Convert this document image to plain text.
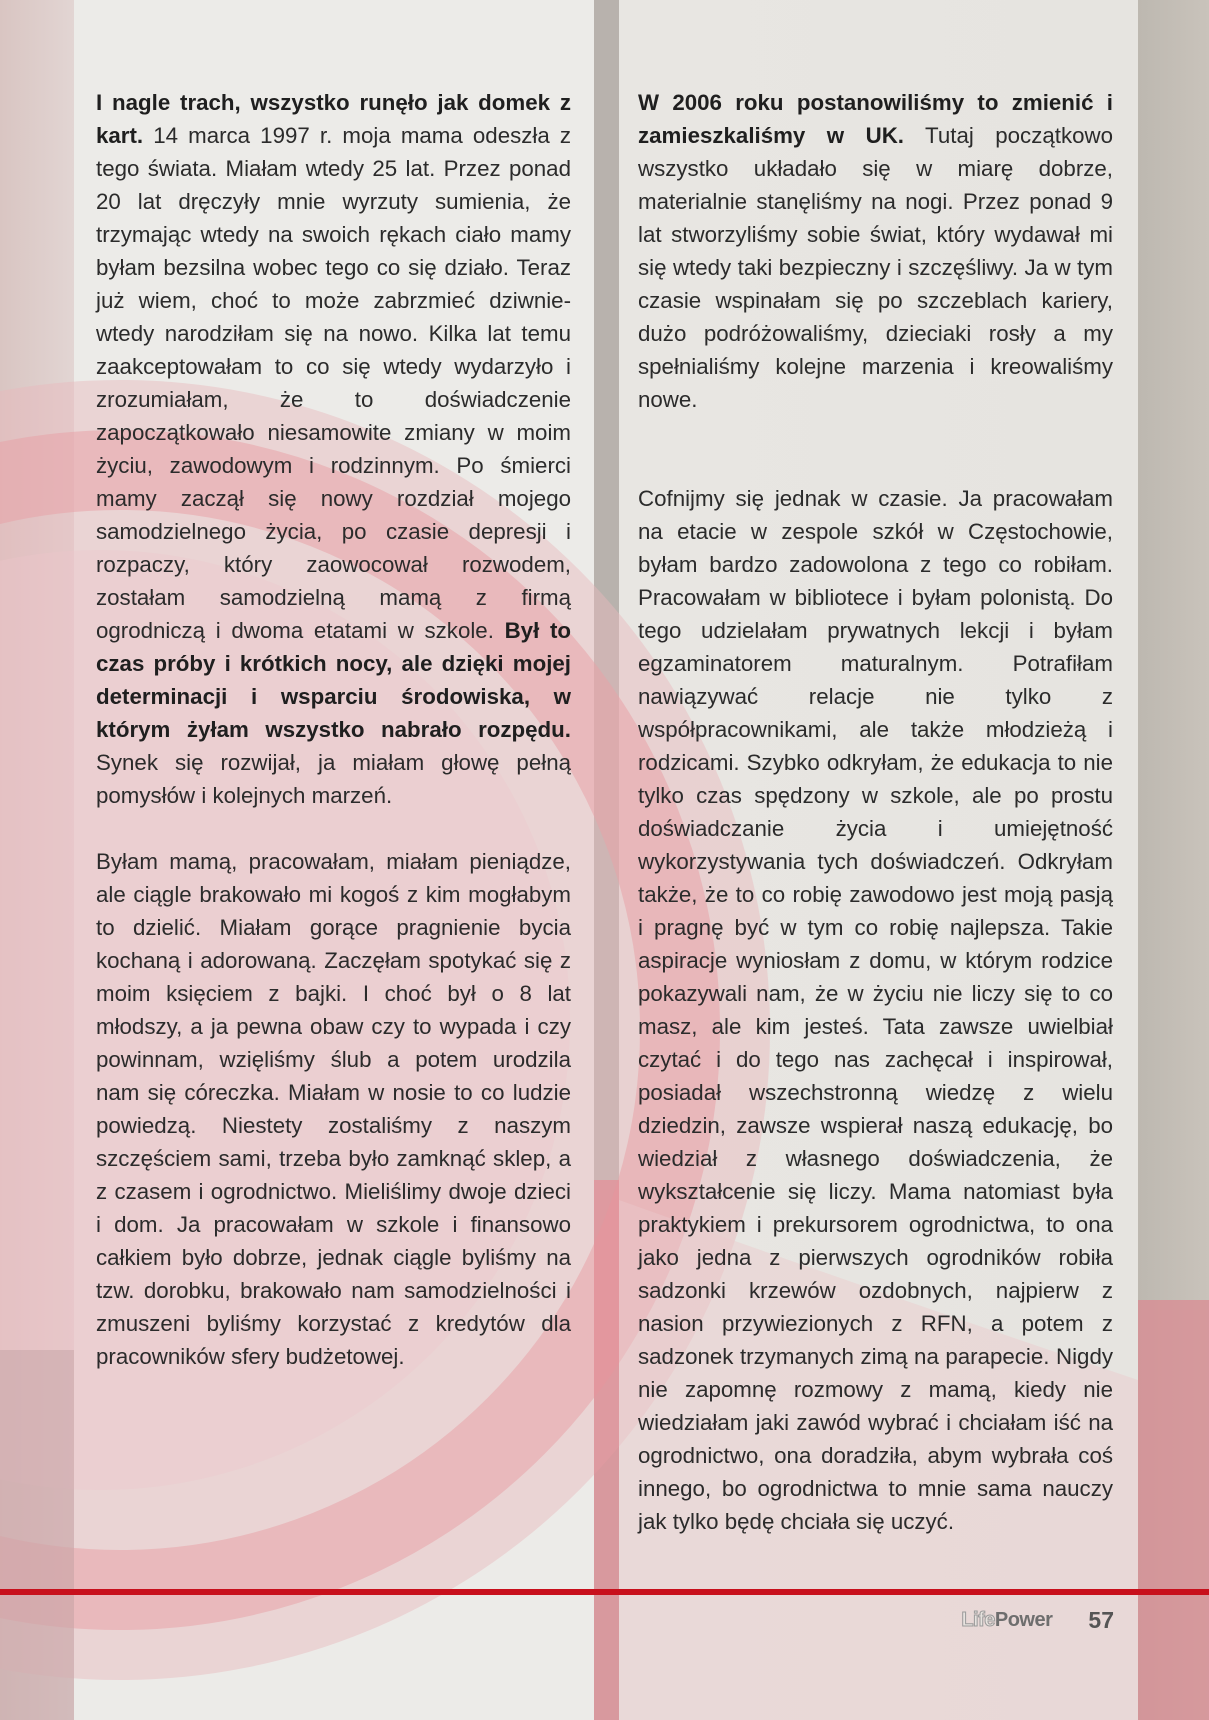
I nagle trach, wszystko runęło jak domek z kart. 14 marca 1997 r. moja mama odeszła z tego świata. Miałam wtedy 25 lat. Przez ponad 20 lat dręczyły mnie wyrzuty sumienia, że trzymając wtedy na swoich rękach ciało mamy byłam bezsilna wobec tego co się działo. Teraz już wiem, choć to może zabrzmieć dziwnie- wtedy narodziłam się na nowo. Kilka lat temu zaakceptowałam to co się wtedy wydarzyło i zrozumiałam, że to doświadczenie zapoczątkowało niesamowite zmiany w moim życiu, zawodowym i rodzinnym. Po śmierci mamy zaczął się nowy rozdział mojego samodzielnego życia, po czasie depresji i rozpaczy, który zaowocował rozwodem, zostałam samodzielną mamą z firmą ogrodniczą i dwoma etatami w szkole. Był to czas próby i krótkich nocy, ale dzięki mojej determinacji i wsparciu środowiska, w którym żyłam wszystko nabrało rozpędu. Synek się rozwijał, ja miałam głowę pełną pomysłów i kolejnych marzeń.

Byłam mamą, pracowałam, miałam pieniądze, ale ciągle brakowało mi kogoś z kim mogłabym to dzielić. Miałam gorące pragnienie bycia kochaną i adorowaną. Zaczęłam spotykać się z moim księciem z bajki. I choć był o 8 lat młodszy, a ja pewna obaw czy to wypada i czy powinnam, wzięliśmy ślub a potem urodzila nam się córeczka. Miałam w nosie to co ludzie powiedzą. Niestety zostaliśmy z naszym szczęściem sami, trzeba było zamknąć sklep, a z czasem i ogrodnictwo. Mieliślimy dwoje dzieci i dom. Ja pracowałam w szkole i finansowo całkiem było dobrze, jednak ciągle byliśmy na tzw. dorobku, brakowało nam samodzielności i zmuszeni byliśmy korzystać z kredytów dla pracowników sfery budżetowej.

W 2006 roku postanowiliśmy to zmienić i zamieszkaliśmy w UK. Tutaj początkowo wszystko układało się w miarę dobrze, materialnie stanęliśmy na nogi. Przez ponad 9 lat stworzyliśmy sobie świat, który wydawał mi się wtedy taki bezpieczny i szczęśliwy. Ja w tym czasie wspinałam się po szczeblach kariery, dużo podróżowaliśmy, dzieciaki rosły a my spełnialiśmy kolejne marzenia i kreowaliśmy nowe.

Cofnijmy się jednak w czasie. Ja pracowałam na etacie w zespole szkół w Częstochowie, byłam bardzo zadowolona z tego co robiłam. Pracowałam w bibliotece i byłam polonistą. Do tego udzielałam prywatnych lekcji i byłam egzaminatorem maturalnym. Potrafiłam nawiązywać relacje nie tylko z współpracownikami, ale także młodzieżą i rodzicami. Szybko odkryłam, że edukacja to nie tylko czas spędzony w szkole, ale po prostu doświadczanie życia i umiejętność wykorzystywania tych doświadczeń. Odkryłam także, że to co robię zawodowo jest moją pasją i pragnę być w tym co robię najlepsza. Takie aspiracje wyniosłam z domu, w którym rodzice pokazywali nam, że w życiu nie liczy się to co masz, ale kim jesteś. Tata zawsze uwielbiał czytać i do tego nas zachęcał i inspirował, posiadał wszechstronną wiedzę z wielu dziedzin, zawsze wspierał naszą edukację, bo wiedział z własnego doświadczenia, że wykształcenie się liczy. Mama natomiast była praktykiem i prekursorem ogrodnictwa, to ona jako jedna z pierwszych ogrodników robiła sadzonki krzewów ozdobnych, najpierw z nasion przywiezionych z RFN, a potem z sadzonek trzymanych zimą na parapecie. Nigdy nie zapomnę rozmowy z mamą, kiedy nie wiedziałam jaki zawód wybrać i chciałam iść na ogrodnictwo, ona doradziła, abym wybrała coś innego, bo ogrodnictwa to mnie sama nauczy jak tylko będę chciała się uczyć.

LifePower 57
